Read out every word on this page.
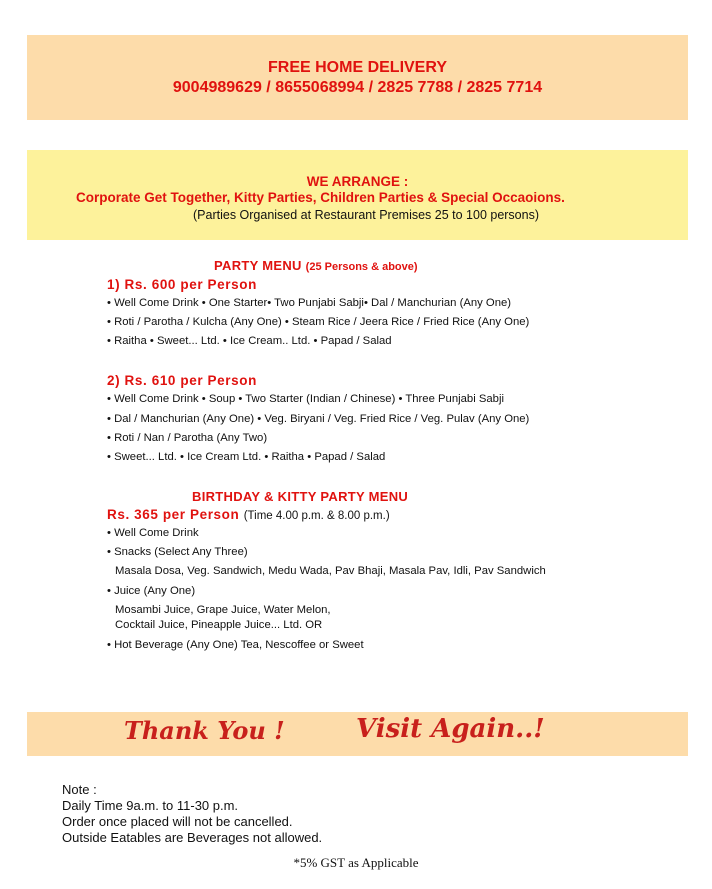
FREE HOME DELIVERY
9004989629 / 8655068994 / 2825 7788 / 2825 7714
WE ARRANGE :
Corporate Get Together, Kitty Parties, Children Parties & Special Occaoions.
(Parties Organised at Restaurant Premises 25 to 100 persons)
PARTY MENU (25 Persons & above)
1) Rs. 600 per Person
• Well Come Drink • One Starter• Two Punjabi Sabji• Dal / Manchurian (Any One)
• Roti / Parotha / Kulcha (Any One) • Steam Rice / Jeera Rice / Fried Rice (Any One)
• Raitha • Sweet... Ltd. • Ice Cream.. Ltd. • Papad / Salad
2) Rs. 610 per Person
• Well Come Drink • Soup • Two Starter (Indian / Chinese) • Three Punjabi Sabji
• Dal / Manchurian (Any One) • Veg. Biryani / Veg. Fried Rice / Veg. Pulav (Any One)
• Roti / Nan / Parotha (Any Two)
• Sweet... Ltd. • Ice Cream Ltd. • Raitha • Papad / Salad
BIRTHDAY & KITTY PARTY MENU
Rs. 365 per Person (Time 4.00 p.m. & 8.00 p.m.)
• Well Come Drink
• Snacks (Select Any Three)
Masala Dosa, Veg. Sandwich, Medu Wada, Pav Bhaji, Masala Pav, Idli, Pav Sandwich
• Juice (Any One)
Mosambi Juice, Grape Juice, Water Melon,
Cocktail Juice, Pineapple Juice... Ltd. OR
• Hot Beverage (Any One) Tea, Nescoffee or Sweet
Thank You !	Visit Again..!
Note :
Daily Time 9a.m. to 11-30 p.m.
Order once placed will not be cancelled.
Outside Eatables are Beverages not allowed.
*5% GST as Applicable
